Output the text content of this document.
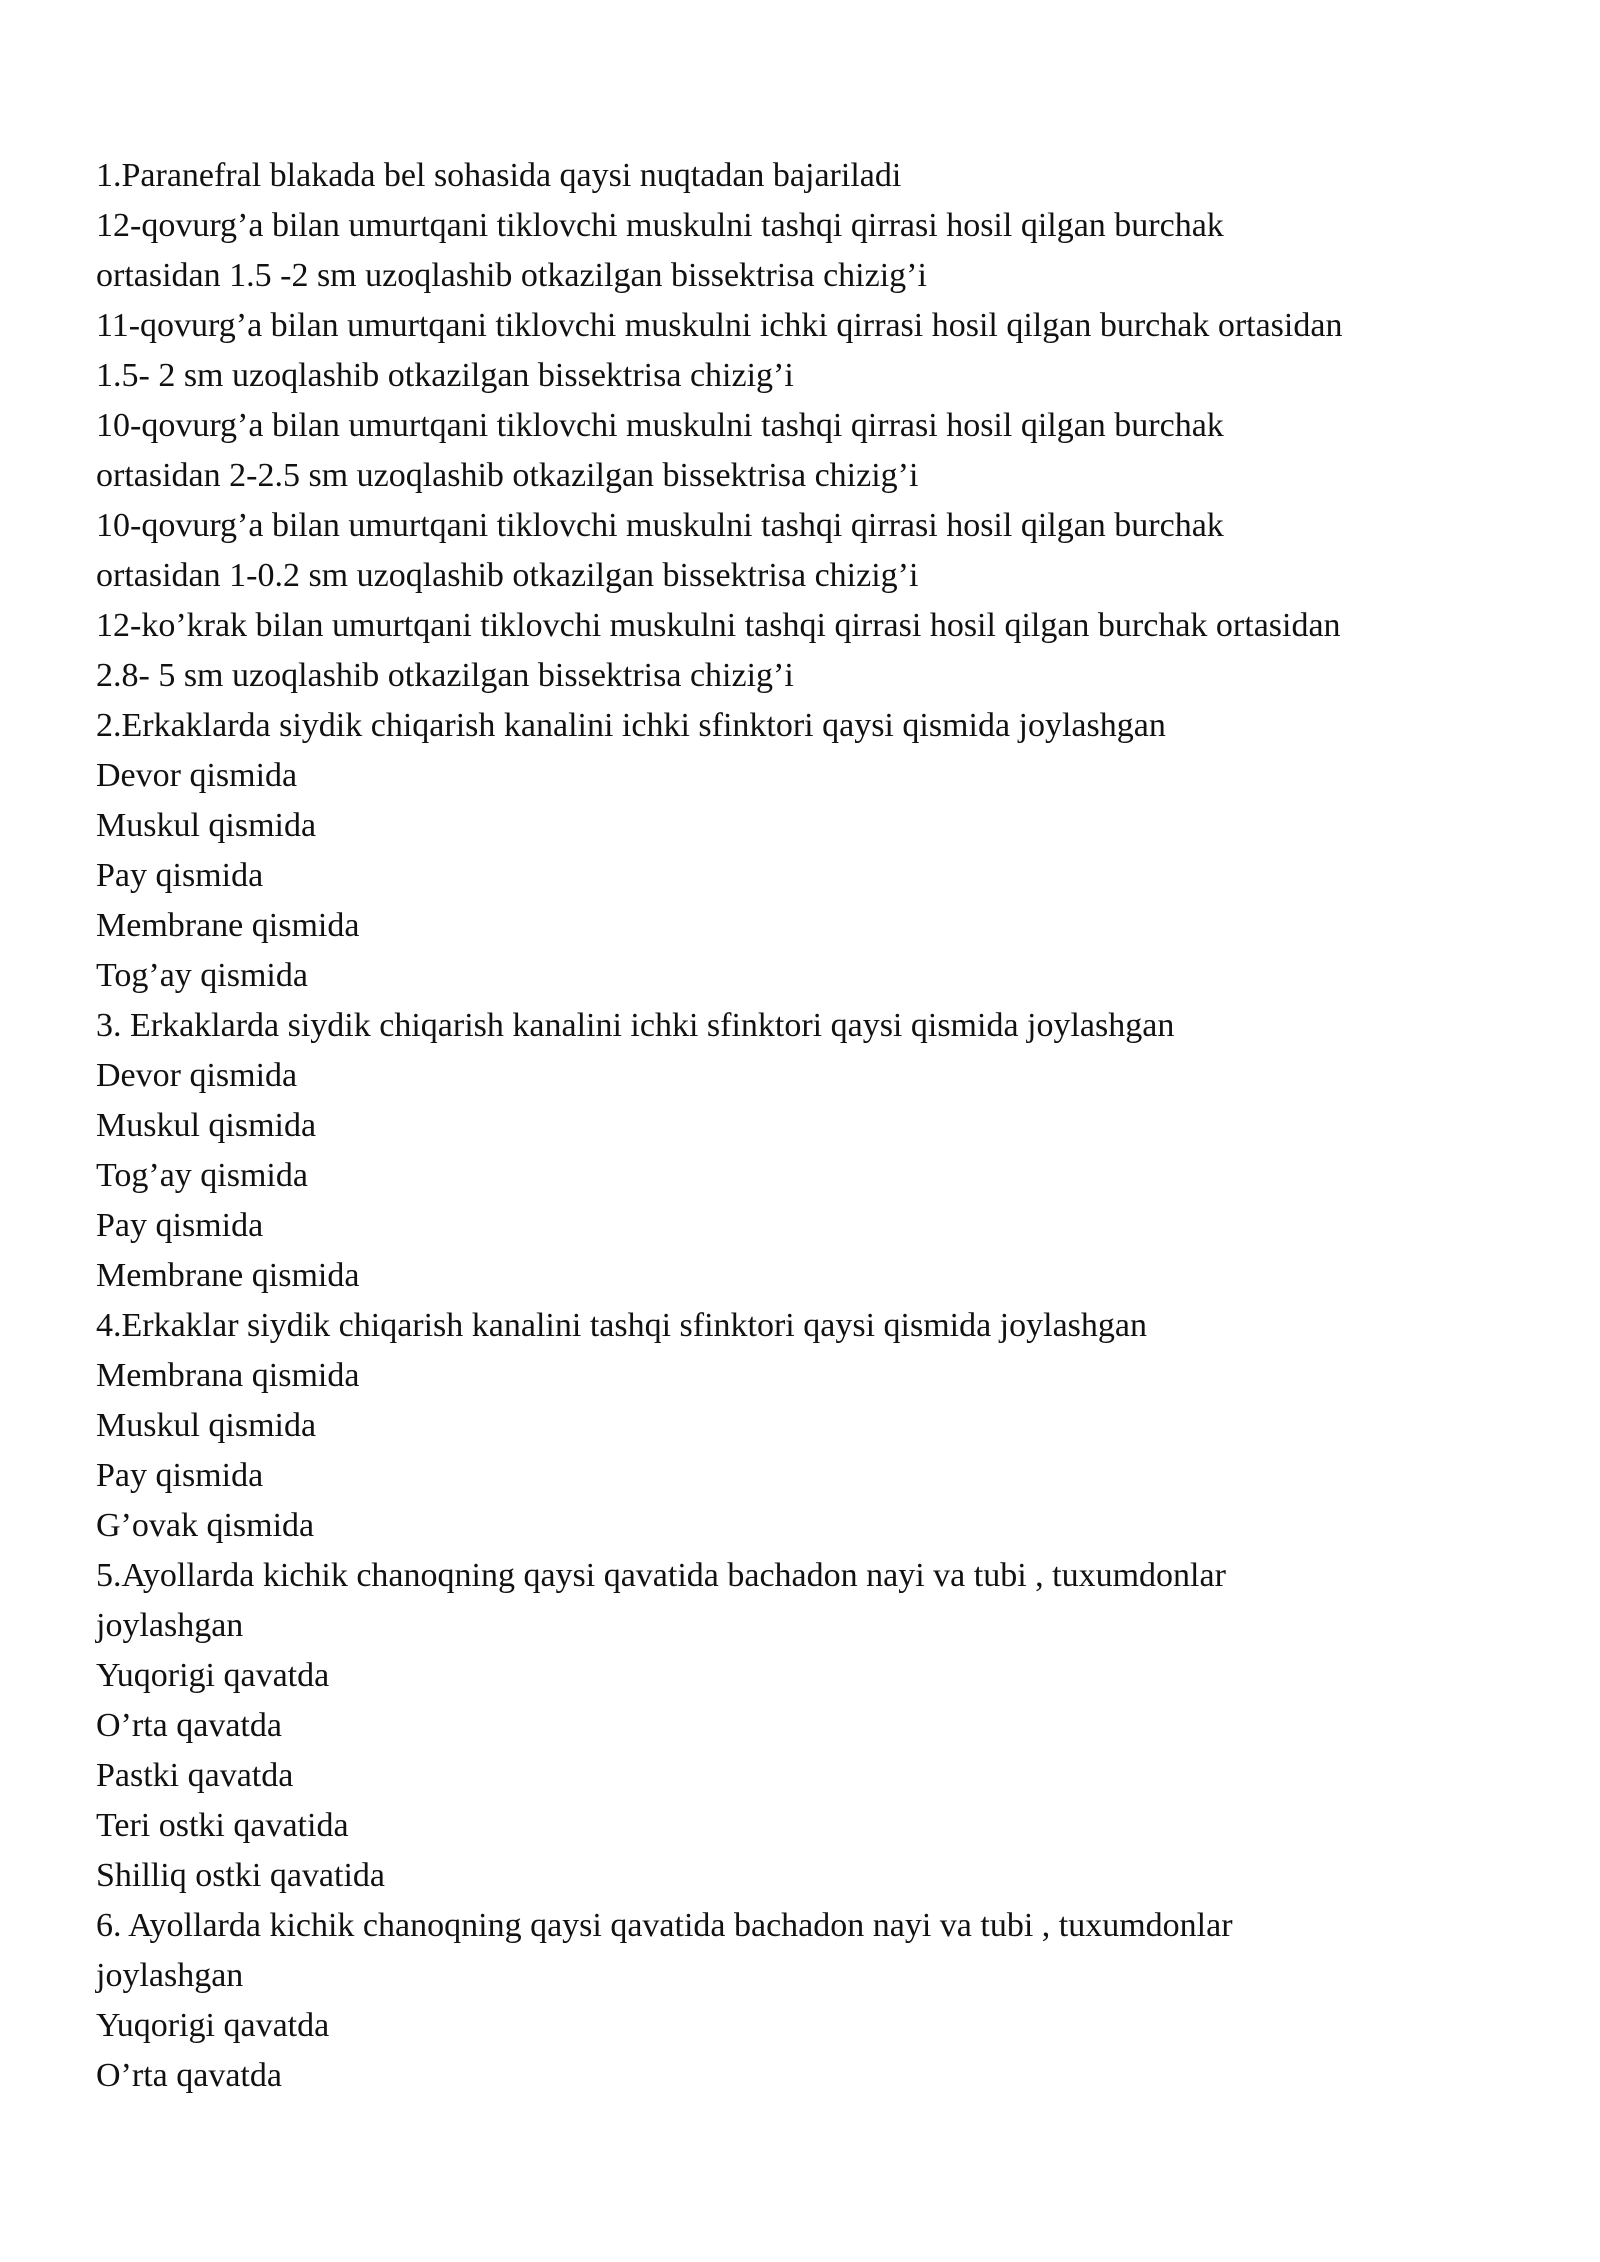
1.Paranefral blakada bel sohasida qaysi nuqtadan bajariladi
12-qovurg’a bilan umurtqani tiklovchi muskulni tashqi qirrasi hosil qilgan burchak
ortasidan 1.5 -2 sm uzoqlashib otkazilgan bissektrisa chizig’i
11-qovurg’a bilan umurtqani tiklovchi muskulni ichki qirrasi hosil qilgan burchak ortasidan
1.5- 2 sm uzoqlashib otkazilgan bissektrisa chizig’i
10-qovurg’a bilan umurtqani tiklovchi muskulni tashqi qirrasi hosil qilgan burchak
ortasidan 2-2.5 sm uzoqlashib otkazilgan bissektrisa chizig’i
10-qovurg’a bilan umurtqani tiklovchi muskulni tashqi qirrasi hosil qilgan burchak
ortasidan 1-0.2 sm uzoqlashib otkazilgan bissektrisa chizig’i
12-ko’krak bilan umurtqani tiklovchi muskulni tashqi qirrasi hosil qilgan burchak ortasidan
2.8- 5 sm uzoqlashib otkazilgan bissektrisa chizig’i
2.Erkaklarda siydik chiqarish kanalini ichki sfinktori qaysi qismida joylashgan
Devor qismida
Muskul qismida
Pay qismida
Membrane qismida
Tog’ay qismida
3. Erkaklarda siydik chiqarish kanalini ichki sfinktori qaysi qismida joylashgan
Devor qismida
Muskul qismida
Tog’ay qismida
Pay qismida
Membrane qismida
4.Erkaklar siydik chiqarish kanalini tashqi sfinktori qaysi qismida joylashgan
Membrana qismida
Muskul qismida
Pay qismida
G’ovak qismida
5.Ayollarda kichik chanoqning qaysi qavatida bachadon nayi va tubi , tuxumdonlar
joylashgan
Yuqorigi qavatda
O’rta qavatda
Pastki qavatda
Teri ostki qavatida
Shilliq ostki qavatida
6. Ayollarda kichik chanoqning qaysi qavatida bachadon nayi va tubi , tuxumdonlar
joylashgan
Yuqorigi qavatda
O’rta qavatda
